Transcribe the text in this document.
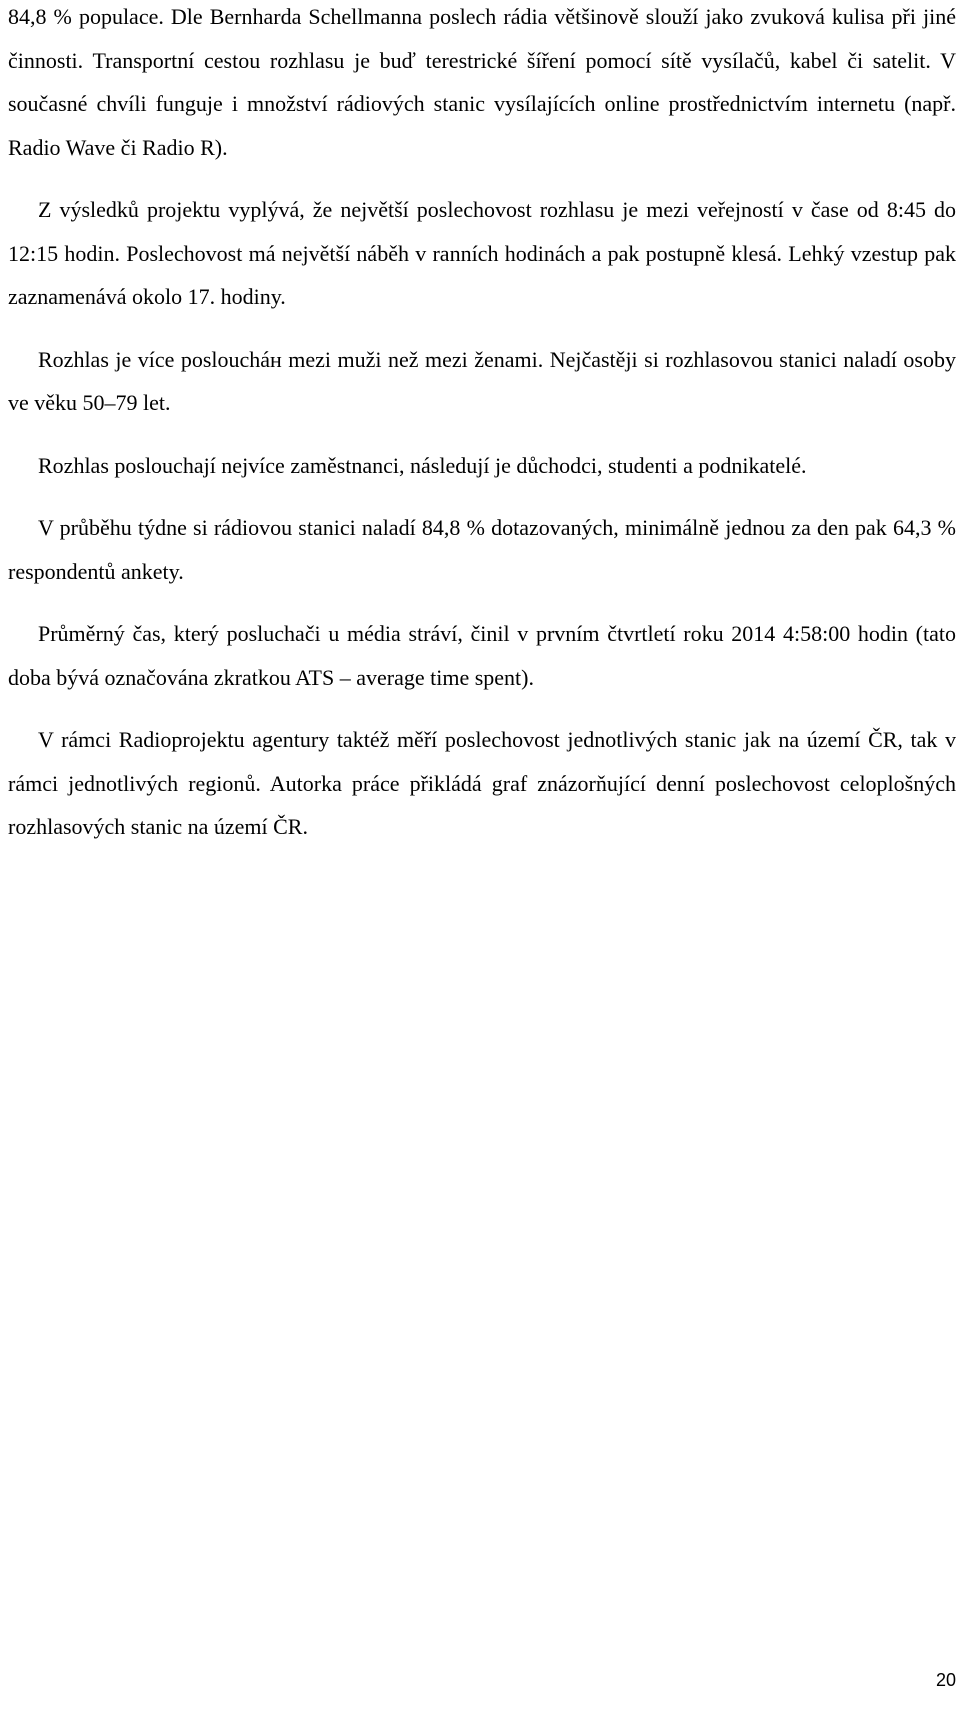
84,8 % populace. Dle Bernharda Schellmanna poslech rádia většinově slouží jako zvuková kulisa při jiné činnosti. Transportní cestou rozhlasu je buď terestrické šíření pomocí sítě vysílačů, kabel či satelit. V současné chvíli funguje i množství rádiových stanic vysílajících online prostřednictvím internetu (např. Radio Wave či Radio R).

Z výsledků projektu vyplývá, že největší poslechovost rozhlasu je mezi veřejností v čase od 8:45 do 12:15 hodin. Poslechovost má největší náběh v ranních hodinách a pak postupně klesá. Lehký vzestup pak zaznamenává okolo 17. hodiny.

Rozhlas je více posloucháн mezi muži než mezi ženami. Nejčastěji si rozhlasovou stanici naladí osoby ve věku 50–79 let.

Rozhlas poslouchají nejvíce zaměstnanci, následují je důchodci, studenti a podnikatelé.

V průběhu týdne si rádiovou stanici naladí 84,8 % dotazovaných, minimálně jednou za den pak 64,3 % respondentů ankety.

Průměrný čas, který posluchači u média stráví, činil v prvním čtvrtletí roku 2014 4:58:00 hodin (tato doba bývá označována zkratkou ATS – average time spent).

V rámci Radioprojektu agentury taktéž měří poslechovost jednotlivých stanic jak na území ČR, tak v rámci jednotlivých regionů. Autorka práce přikládá graf znázorňující denní poslechovost celoplošných rozhlasových stanic na území ČR.

20
